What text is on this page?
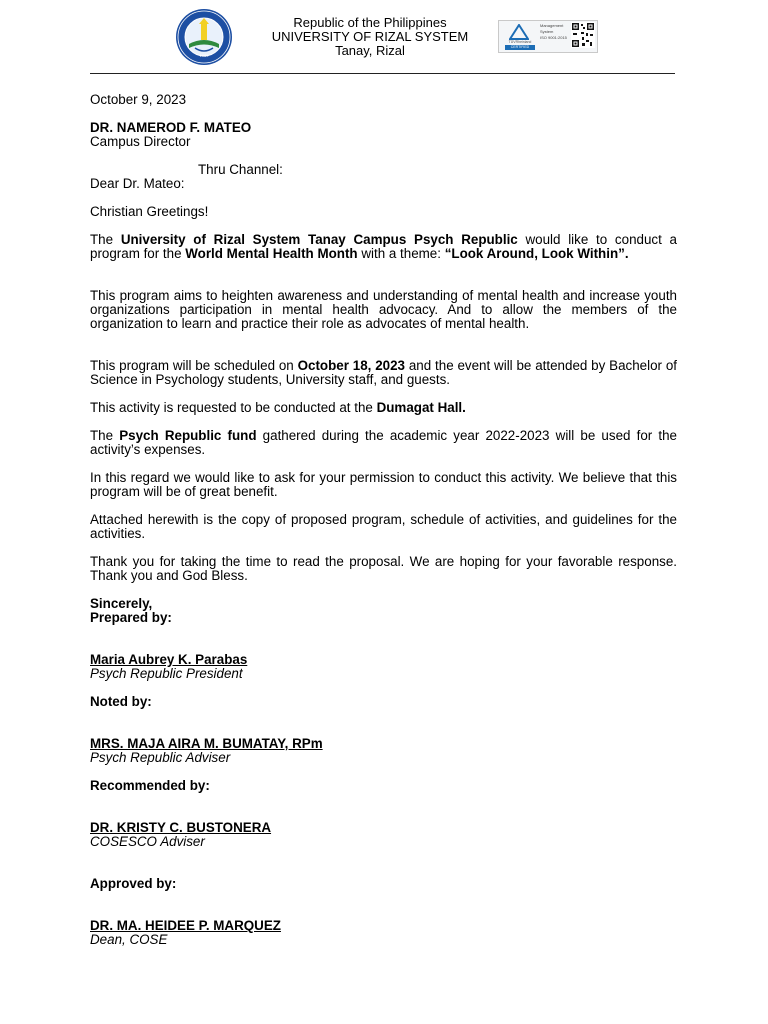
1969
Republic of the Philippines
UNIVERSITY OF RIZAL SYSTEM
Tanay, Rizal
TÜVRheinland
CERTIFIED
Management
System
ISO 9001:2015
October 9, 2023
DR. NAMEROD F. MATEO
Campus Director
Thru Channel:
Dear Dr. Mateo:
Christian Greetings!
The University of Rizal System Tanay Campus Psych Republic would like to conduct a program for the World Mental Health Month with a theme: “Look Around, Look Within”.
This program aims to heighten awareness and understanding of mental health and increase youth organizations participation in mental health advocacy. And to allow the members of the organization to learn and practice their role as advocates of mental health.
This program will be scheduled on October 18, 2023 and the event will be attended by Bachelor of Science in Psychology students, University staff, and guests.
This activity is requested to be conducted at the Dumagat Hall.
The Psych Republic fund gathered during the academic year 2022-2023 will be used for the activity’s expenses.
In this regard we would like to ask for your permission to conduct this activity. We believe that this program will be of great benefit.
Attached herewith is the copy of proposed program, schedule of activities, and guidelines for the activities.
Thank you for taking the time to read the proposal. We are hoping for your favorable response. Thank you and God Bless.
Sincerely,
Prepared by:
Maria Aubrey K. Parabas
Psych Republic President
Noted by:
MRS. MAJA AIRA M. BUMATAY, RPm
Psych Republic Adviser
Recommended by:
DR. KRISTY C. BUSTONERA
COSESCO Adviser
Approved by:
DR. MA. HEIDEE P. MARQUEZ
Dean, COSE
